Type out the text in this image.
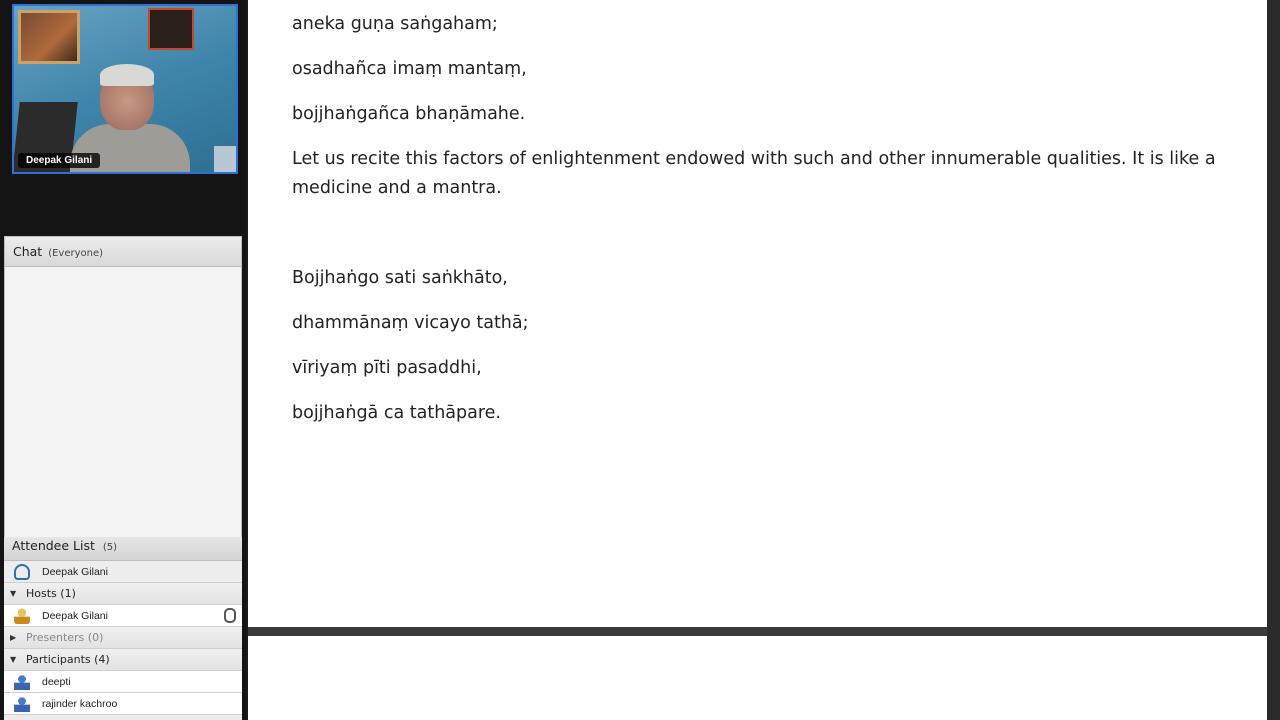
Deepak Gilani
Chat (Everyone)
Attendee List (5)
Deepak Gilani
▼ Hosts (1)
Deepak Gilani
▶ Presenters (0)
▼ Participants (4)
deepti
rajinder kachroo

aneka guṇa saṅgaham;

osadhañca imaṃ mantaṃ,

bojjhaṅgañca bhaṇāmahe.

Let us recite this factors of enlightenment endowed with such and other innumerable qualities. It is like a medicine and a mantra.

Bojjhaṅgo sati saṅkhāto,

dhammānaṃ vicayo tathā;

vīriyaṃ pīti pasaddhi,

bojjhaṅgā ca tathāpare.
